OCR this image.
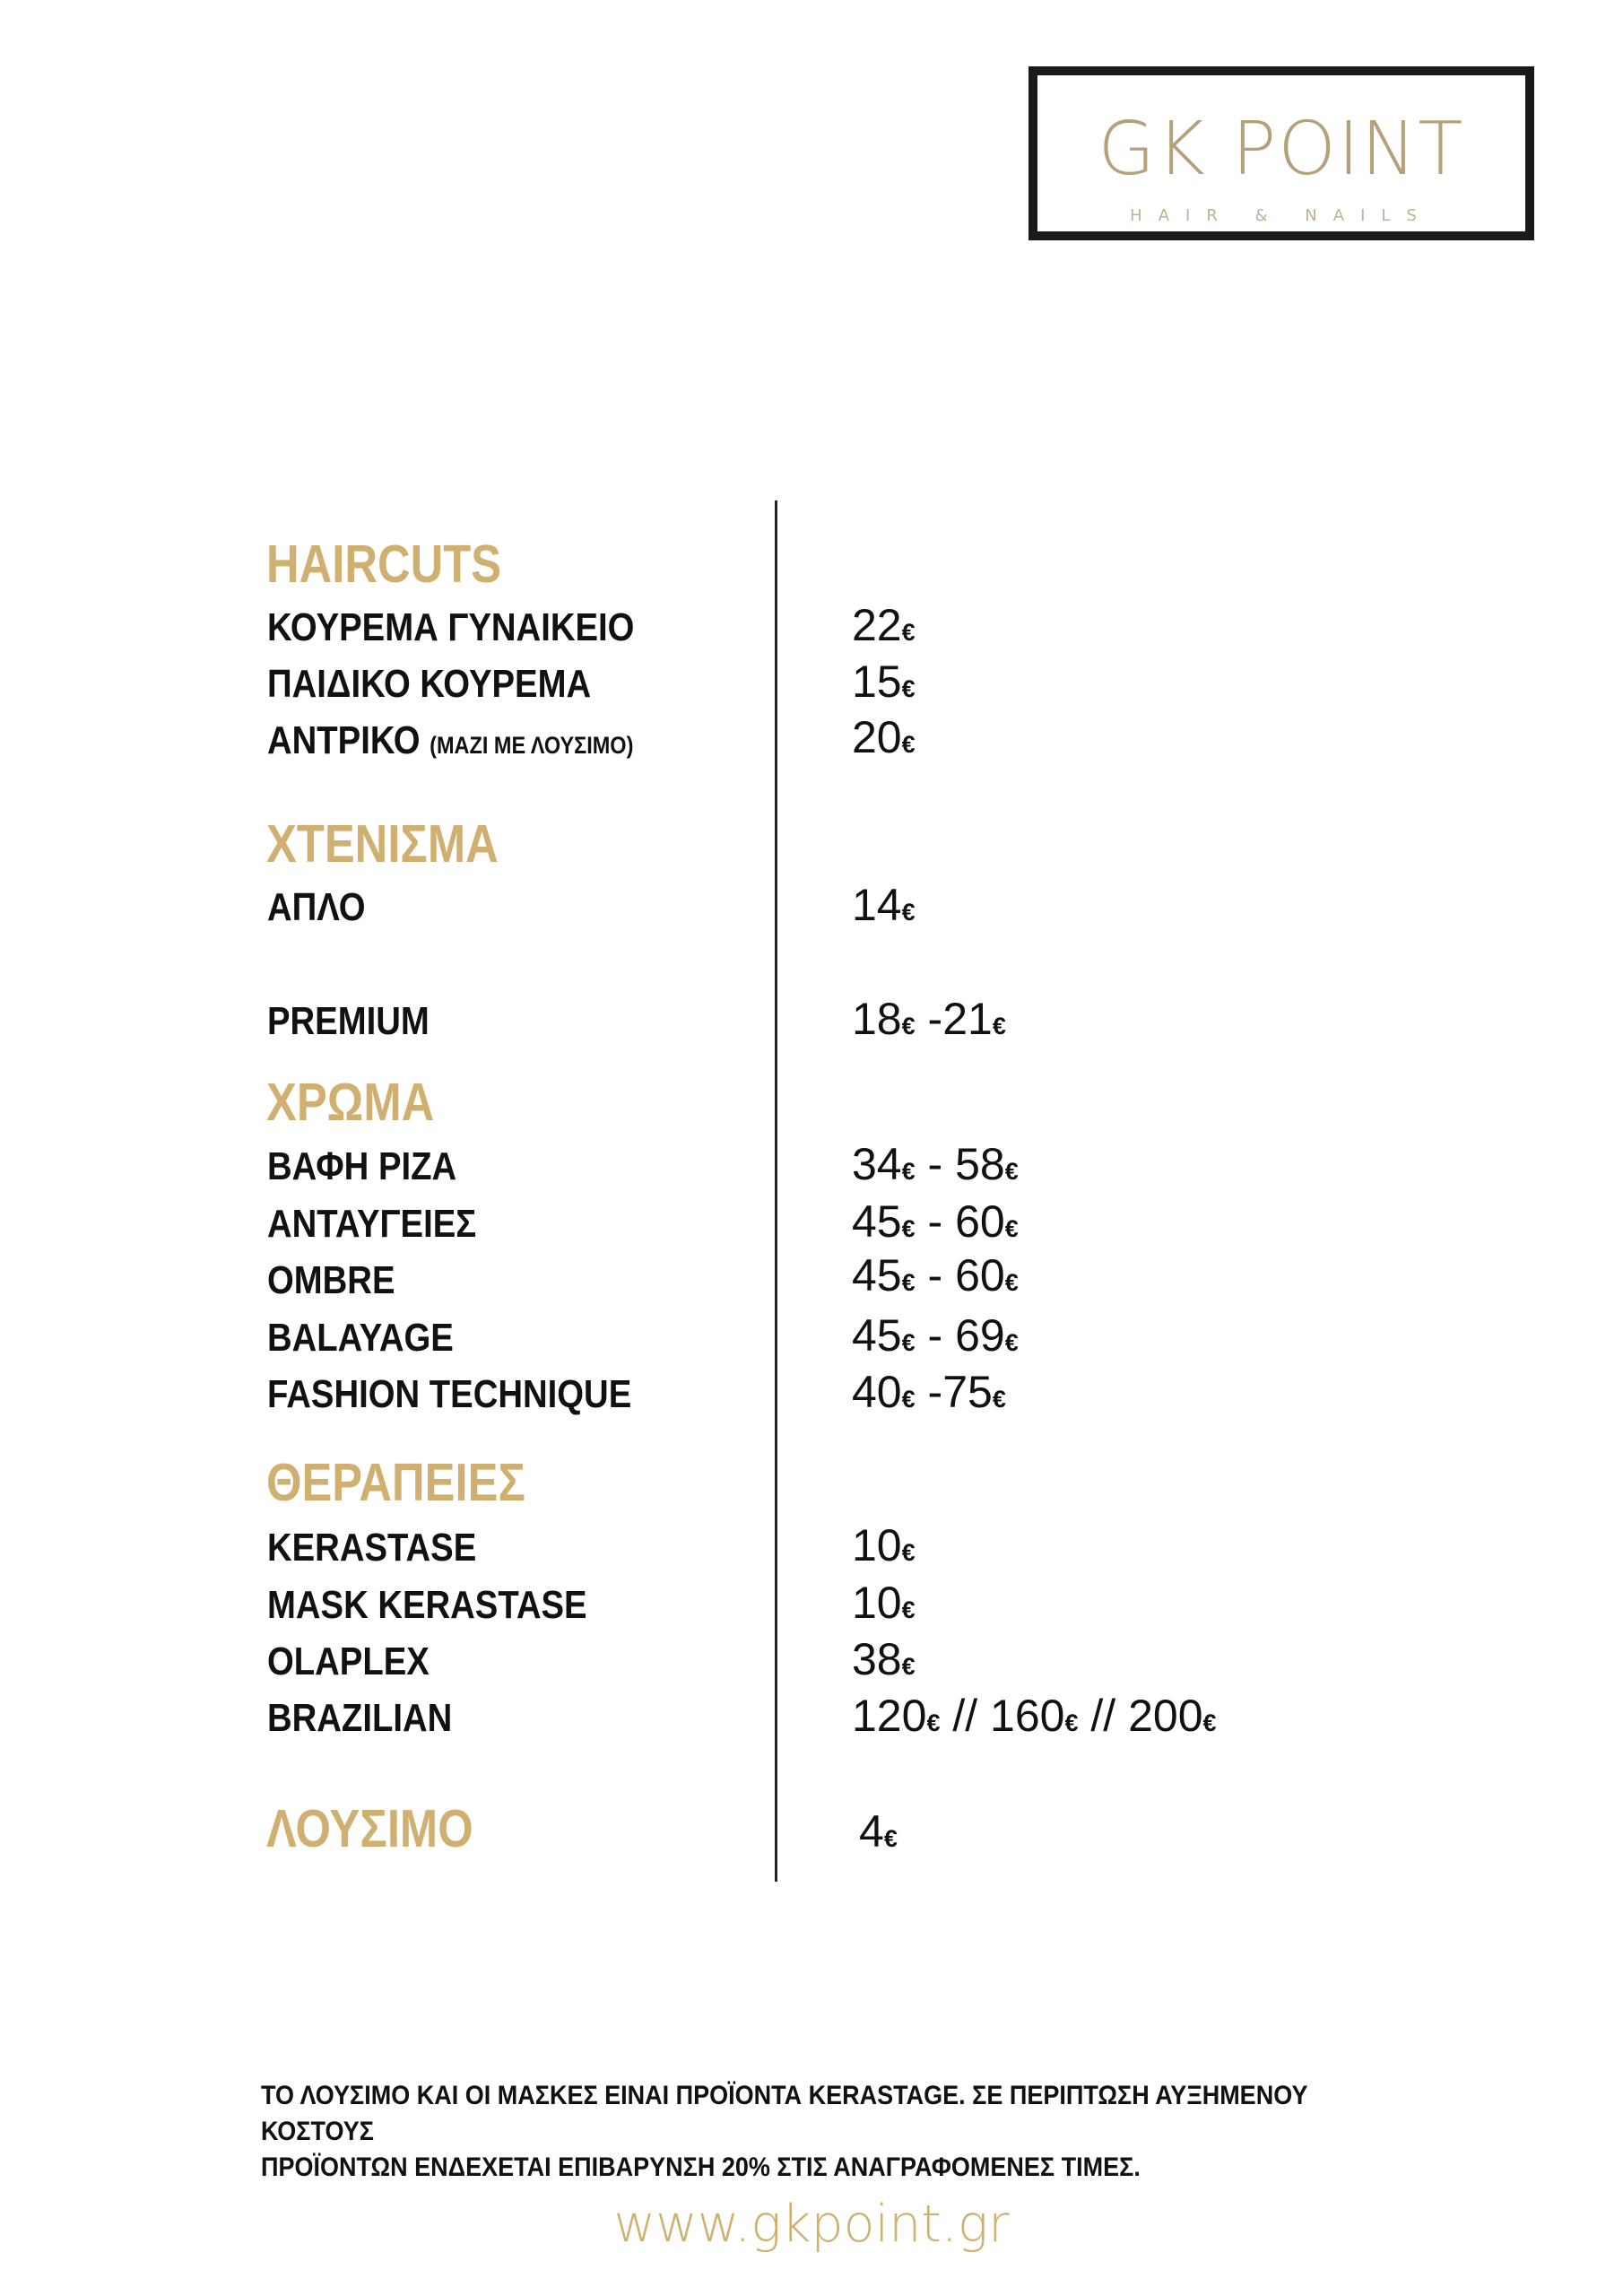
GK POINT
HAIR & NAILS
HAIRCUTS
ΚΟΥΡΕΜΑ ΓΥΝΑΙΚΕΙΟ	22€
ΠΑΙΔΙΚΟ ΚΟΥΡΕΜΑ	15€
ΑΝΤΡΙΚΟ (ΜΑΖΙ ΜΕ ΛΟΥΣΙΜΟ)	20€
ΧΤΕΝΙΣΜΑ
ΑΠΛΟ	14€
PREMIUM	18€ -21€
ΧΡΩΜΑ
ΒΑΦΗ ΡΙΖΑ	34€ - 58€
ΑΝΤΑΥΓΕΙΕΣ	45€ - 60€
OMBRE	45€ - 60€
BALAYAGE	45€ - 69€
FASHION TECHNIQUE	40€ -75€
ΘΕΡΑΠΕΙΕΣ
KERASTASE	10€
MASK KERASTASE	10€
OLAPLEX	38€
BRAZILIAN	120€ // 160€ // 200€
ΛΟΥΣΙΜΟ	4€
ΤΟ ΛΟΥΣΙΜΟ ΚΑΙ ΟΙ ΜΑΣΚΕΣ ΕΙΝΑΙ ΠΡΟΪΟΝΤΑ KERASTAGE. ΣΕ ΠΕΡΙΠΤΩΣΗ ΑΥΞΗΜΕΝΟΥ ΚΟΣΤΟΥΣ
ΠΡΟΪΟΝΤΩΝ ΕΝΔΕΧΕΤΑΙ ΕΠΙΒΑΡΥΝΣΗ 20% ΣΤΙΣ ΑΝΑΓΡΑΦΟΜΕΝΕΣ ΤΙΜΕΣ.
www.gkpoint.gr
